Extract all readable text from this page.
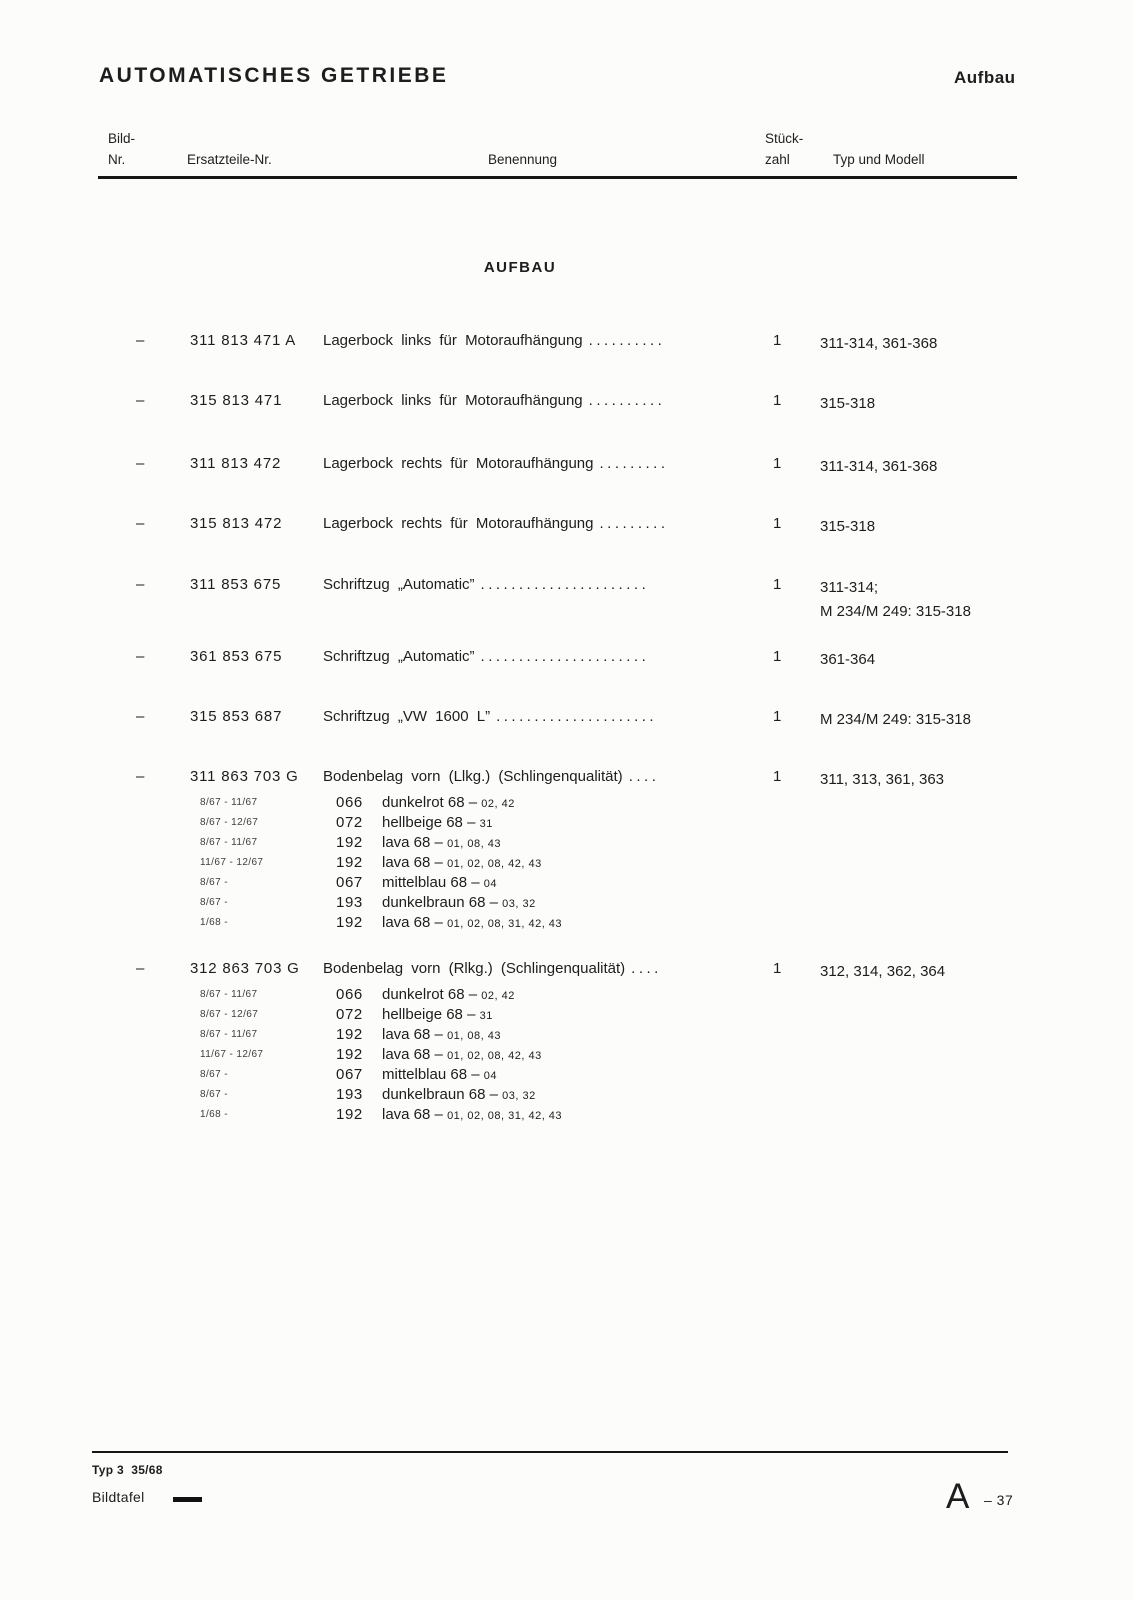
AUTOMATISCHES GETRIEBE	Aufbau
Bild-
Nr.	Ersatzteile-Nr.	Benennung
Stück-
zahl	Typ und Modell
AUFBAU
–	311 813 471 A Lagerbock links für Motoraufhängung ..........	1	311-314, 361-368
–	315 813 471	Lagerbock links für Motoraufhängung ..........	1	315-318
–	311 813 472	Lagerbock rechts für Motoraufhängung .........	1	311-314, 361-368
–	315 813 472	Lagerbock rechts für Motoraufhängung .........	1	315-318
–	311 853 675	Schriftzug „Automatic” ......................	1	311-314;
M 234/M 249: 315-318
–	361 853 675	Schriftzug „Automatic” ......................	1	361-364
–	315 853 687	Schriftzug „VW 1600 L” .....................	1	M 234/M 249: 315-318
–	311 863 703 G Bodenbelag vorn (Llkg.) (Schlingenqualität) ....	1	311, 313, 361, 363
8/67 - 11/67	066 dunkelrot 68 – 02, 42
8/67 - 12/67	072 hellbeige 68 – 31
8/67 - 11/67	192 lava 68 – 01, 08, 43
11/67 - 12/67	192 lava 68 – 01, 02, 08, 42, 43
8/67 -	067 mittelblau 68 – 04
8/67 -	193 dunkelbraun 68 – 03, 32
1/68 -	192 lava 68 – 01, 02, 08, 31, 42, 43
–	312 863 703 G Bodenbelag vorn (Rlkg.) (Schlingenqualität) ....	1	312, 314, 362, 364
8/67 - 11/67	066 dunkelrot 68 – 02, 42
8/67 - 12/67	072 hellbeige 68 – 31
8/67 - 11/67	192 lava 68 – 01, 08, 43
11/67 - 12/67	192 lava 68 – 01, 02, 08, 42, 43
8/67 -	067 mittelblau 68 – 04
8/67 -	193 dunkelbraun 68 – 03, 32
1/68 -	192 lava 68 – 01, 02, 08, 31, 42, 43
Typ 3  35/68
Bildtafel	A – 37
